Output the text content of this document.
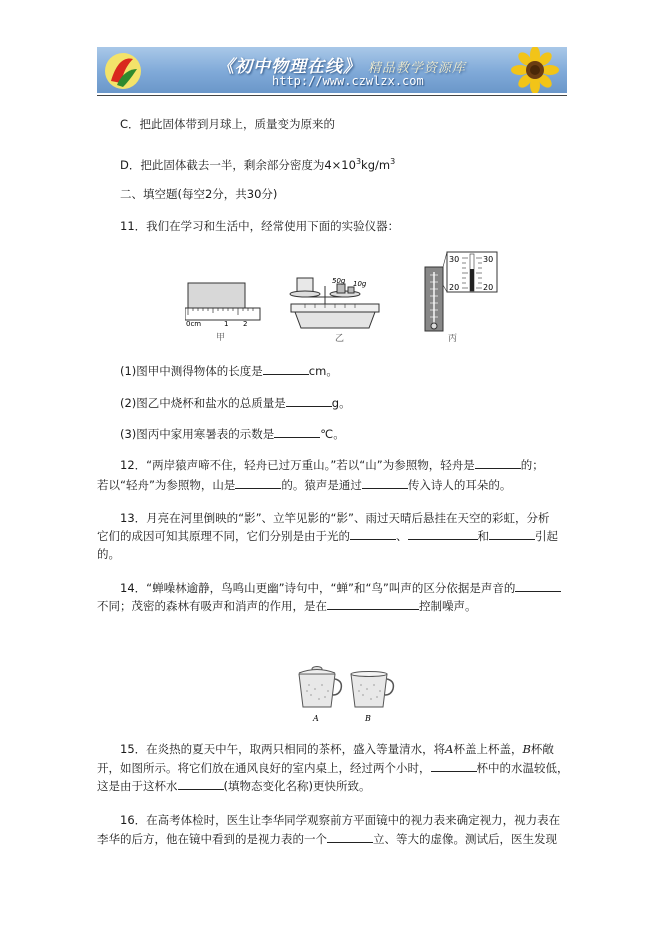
《初中物理在线》 精品教学资源库
http://www.czwlzx.com
C．把此固体带到月球上，质量变为原来的
D．把此固体截去一半，剩余部分密度为$4\times 10^3kg/m^3$
二、填空题(每空2分，共30分)
11．我们在学习和生活中，经常使用下面的实验仪器：
0cm	1 2
甲
50g 10g
乙
30	30
20	20
丙
(1)图甲中测得物体的长度是	cm。
(2)图乙中烧杯和盐水的总质量是	g。
(3)图丙中家用寒暑表的示数是	℃。
12．“两岸猿声啼不住，轻舟已过万重山。”若以“山”为参照物，轻舟是	的；
若以“轻舟”为参照物，山是	的。猿声是通过	传入诗人的耳朵的。
13．月亮在河里倒映的“影”、立竿见影的“影”、雨过天晴后悬挂在天空的彩虹，分析
它们的成因可知其原理不同，它们分别是由于光的	、	和	引起
的。
14．“蝉噪林逾静，鸟鸣山更幽”诗句中，“蝉”和“鸟”叫声的区分依据是声音的
不同；茂密的森林有吸声和消声的作用，是在	控制噪声。
A	B
15．在炎热的夏天中午，取两只相同的茶杯，盛入等量清水，将A杯盖上杯盖，B杯敞
开，如图所示。将它们放在通风良好的室内桌上，经过两个小时，	杯中的水温较低，
这是由于这杯水	(填物态变化名称)更快所致。
16．在高考体检时，医生让李华同学观察前方平面镜中的视力表来确定视力，视力表在
李华的后方，他在镜中看到的是视力表的一个	立、等大的虚像。测试后，医生发现
